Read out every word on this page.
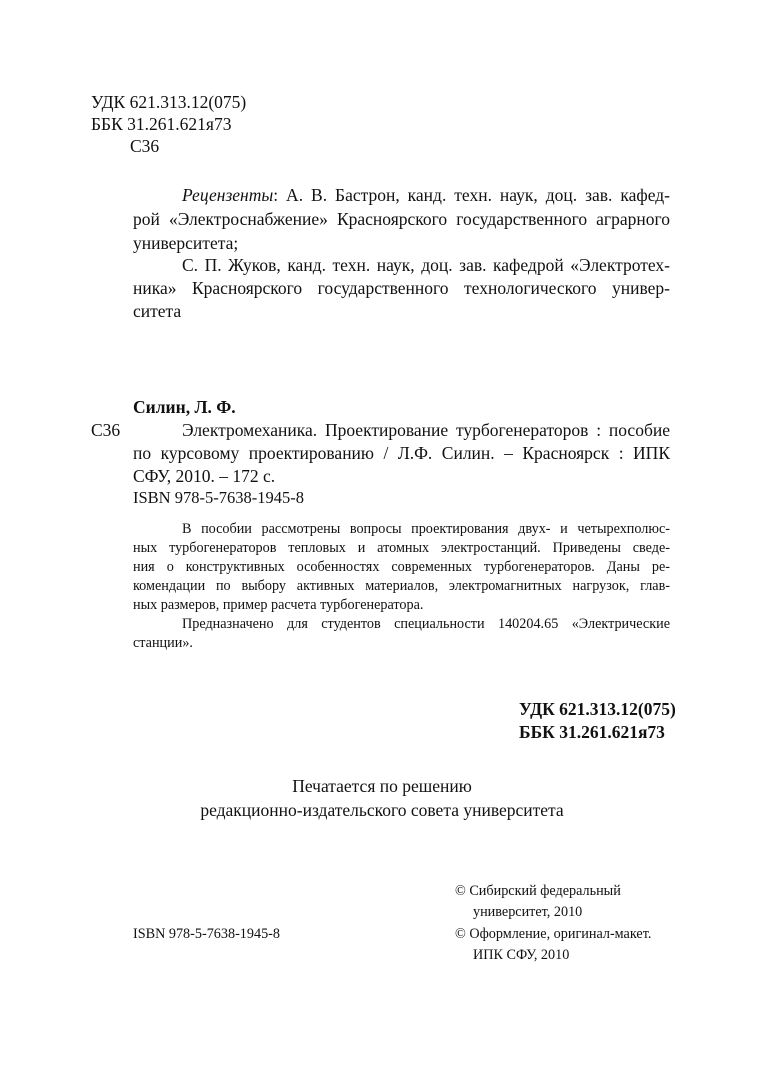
УДК 621.313.12(075)
ББК 31.261.621я73
С36
Рецензенты: А. В. Бастрон, канд. техн. наук, доц. зав. кафед-
рой «Электроснабжение» Красноярского государственного аграрного
университета;
С. П. Жуков, канд. техн. наук, доц. зав. кафедрой «Электротех-
ника» Красноярского государственного технологического универ-
ситета
Силин, Л. Ф.
С36	Электромеханика. Проектирование турбогенераторов : пособие
по курсовому проектированию / Л.Ф. Силин. – Красноярск : ИПК
СФУ, 2010. – 172 с.
ISBN 978-5-7638-1945-8
В пособии рассмотрены вопросы проектирования двух- и четырехполюс-
ных турбогенераторов тепловых и атомных электростанций. Приведены сведе-
ния о конструктивных особенностях современных турбогенераторов. Даны ре-
комендации по выбору активных материалов, электромагнитных нагрузок, глав-
ных размеров, пример расчета турбогенератора.
Предназначено для студентов специальности 140204.65 «Электрические
станции».
УДК 621.313.12(075)
ББК 31.261.621я73
Печатается по решению
редакционно-издательского совета университета
© Сибирский федеральный
университет, 2010
ISBN 978-5-7638-1945-8	© Оформление, оригинал-макет.
ИПК СФУ, 2010
